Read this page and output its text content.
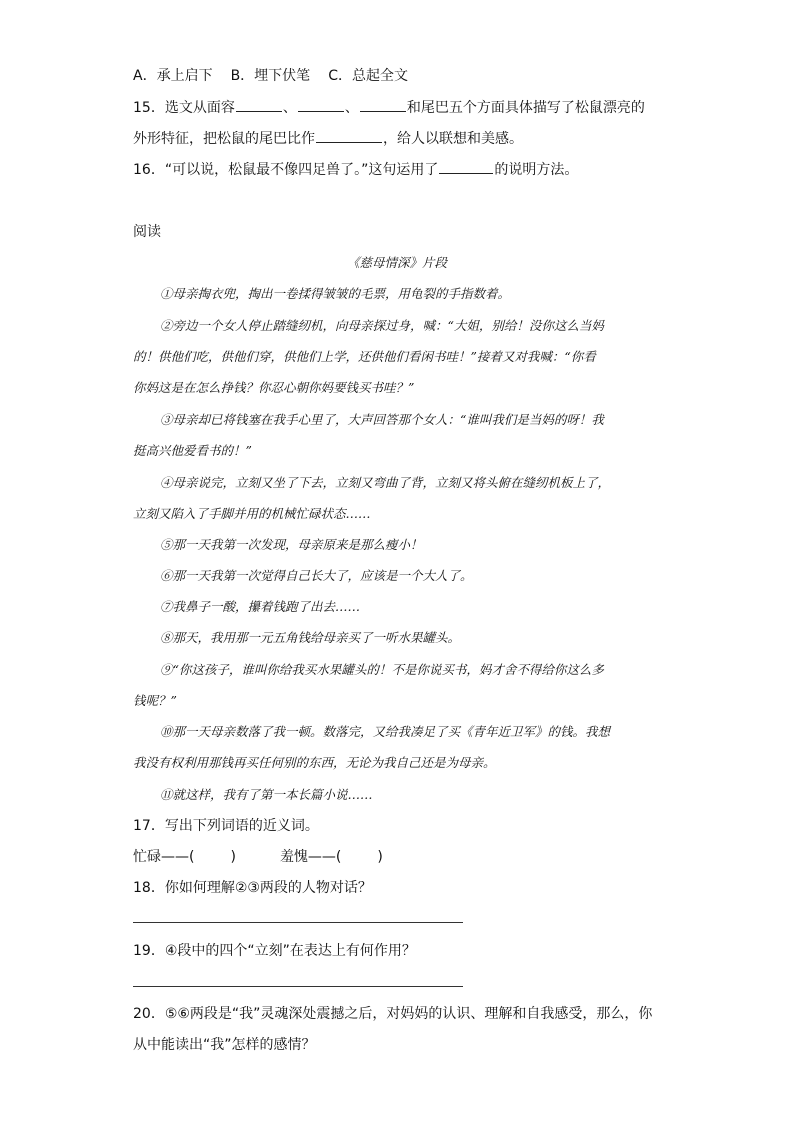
A．承上启下 B．埋下伏笔 C．总起全文
15．选文从面容	、	、	和尾巴五个方面具体描写了松鼠漂亮的
外形特征，把松鼠的尾巴比作	，给人以联想和美感。
16．“可以说，松鼠最不像四足兽了。”这句运用了	的说明方法。
阅读
《慈母情深》片段
①母亲掏衣兜，掏出一卷揉得皱皱的毛票，用龟裂的手指数着。
②旁边一个女人停止踏缝纫机，向母亲探过身，喊：“大姐，别给！没你这么当妈
的！供他们吃，供他们穿，供他们上学，还供他们看闲书哇！”接着又对我喊：“你看
你妈这是在怎么挣钱？你忍心朝你妈要钱买书哇？”
③母亲却已将钱塞在我手心里了，大声回答那个女人：“谁叫我们是当妈的呀！我
挺高兴他爱看书的！”
④母亲说完，立刻又坐了下去，立刻又弯曲了背，立刻又将头俯在缝纫机板上了，
立刻又陷入了手脚并用的机械忙碌状态……
⑤那一天我第一次发现，母亲原来是那么瘦小！
⑥那一天我第一次觉得自己长大了，应该是一个大人了。
⑦我鼻子一酸，攥着钱跑了出去……
⑧那天，我用那一元五角钱给母亲买了一听水果罐头。
⑨“你这孩子，谁叫你给我买水果罐头的！不是你说买书，妈才舍不得给你这么多
钱呢？”
⑩那一天母亲数落了我一顿。数落完，又给我凑足了买《青年近卫军》的钱。我想
我没有权利用那钱再买任何别的东西，无论为我自己还是为母亲。
⑪就这样，我有了第一本长篇小说……
17．写出下列词语的近义词。
忙碌——(	)	羞愧——(	)
18．你如何理解②③两段的人物对话？
19．④段中的四个“立刻”在表达上有何作用？
20．⑤⑥两段是“我”灵魂深处震撼之后，对妈妈的认识、理解和自我感受，那么，你
从中能读出“我”怎样的感情？
